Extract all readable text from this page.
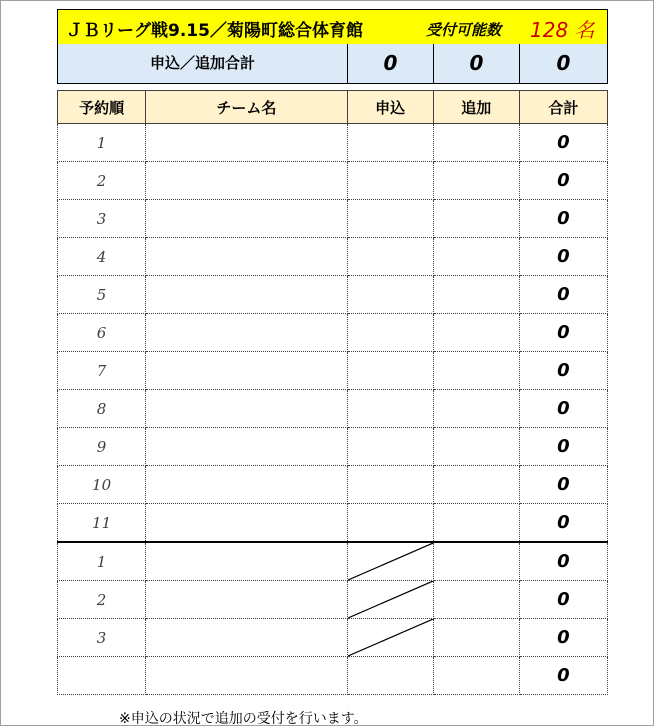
ＪＢリーグ戦9.15／菊陽町総合体育館	受付可能数 128 名
申込／追加合計	0	0	0
予約順	チーム名	申込	追加	合計
1				0
2				0
3				0
4				0
5				0
6				0
7				0
8				0
9				0
10				0
11				0
1				0
2				0
3				0
				0
※申込の状況で追加の受付を行います。
